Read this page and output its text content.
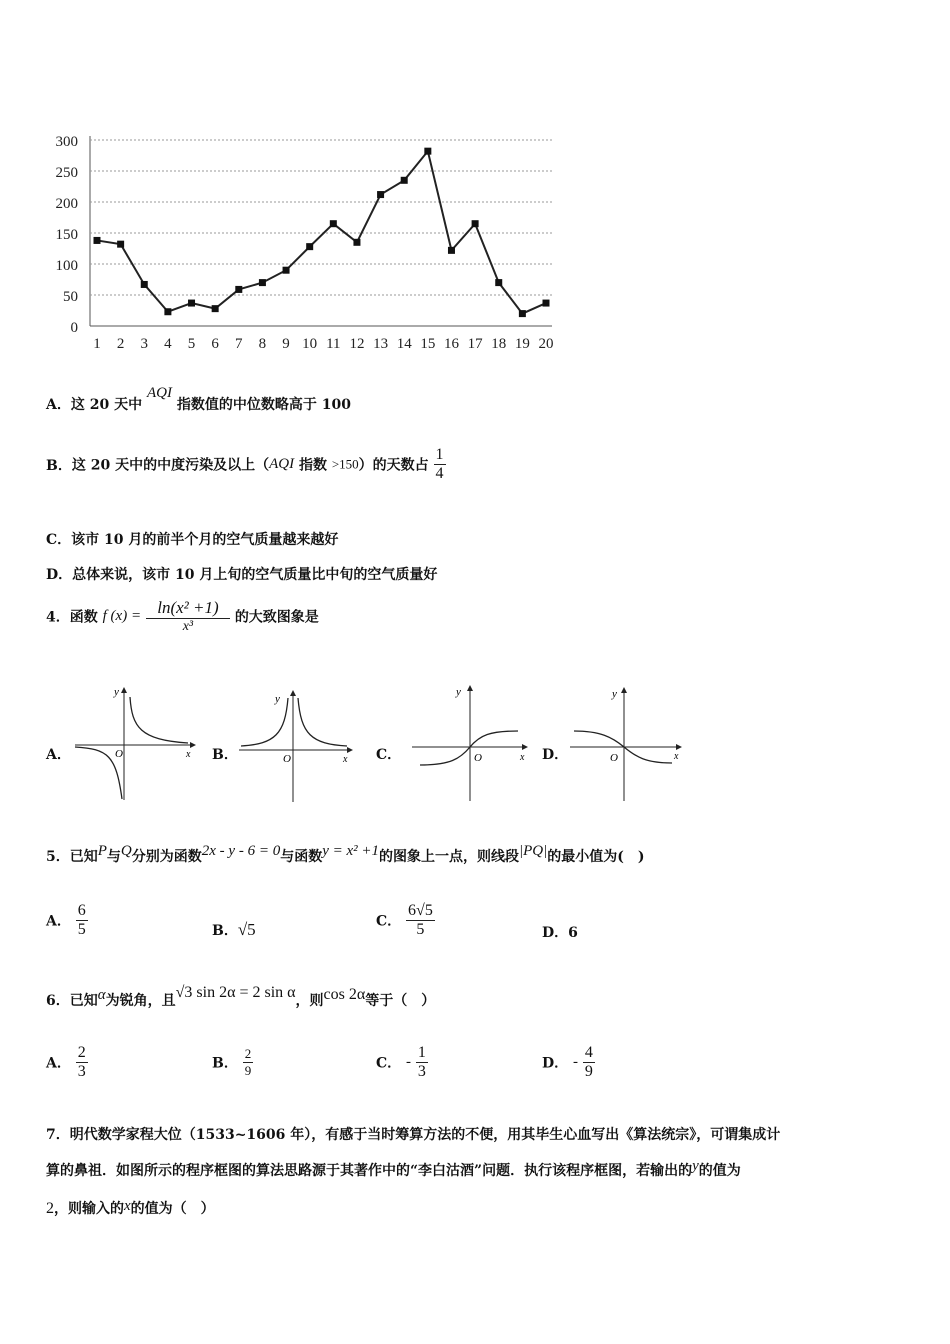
300
250
200
150
100
50
0
1 2 3 4 5 6 7 8 9 10 11 12 13 14 15 16 17 18 19 20
A．这 20 天中 AQI 指数值的中位数略高于 100
B．这 20 天中的中度污染及以上（AQI 指数 >150）的天数占 $\frac{1}{4}$
C．该市 10 月的前半个月的空气质量越来越好
D．总体来说，该市 10 月上旬的空气质量比中旬的空气质量好
4．函数 f $(x) = \frac{\text{ln(x² +1)}}{\text{x³}}$ 的大致图象是
A．
y
x
O	B．
y
x
O	C．
y
x
O	D．
y
x
O
5．已知P与Q分别为函数2x - y - 6 = 0与函数y = x² +1的图象上一点，则线段|PQ|的最小值为(　)
A． $\frac{6}{5}$	B．√5	C． $\frac{6√5}{5}$	D．6
6．已知α为锐角，且√3 sin 2α = 2 sin α，则cos 2α等于（　）
A． $\frac{2}{3}$	B． $\frac{2}{9}$	C． - $\frac{1}{3}$	D． - $\frac{4}{9}$
7．明代数学家程大位（1533~1606 年），有感于当时筹算方法的不便，用其毕生心血写出《算法统宗》，可谓集成计
算的鼻祖．如图所示的程序框图的算法思路源于其著作中的“李白沽酒”问题．执行该程序框图，若输出的y的值为
2，则输入的x的值为（　）
